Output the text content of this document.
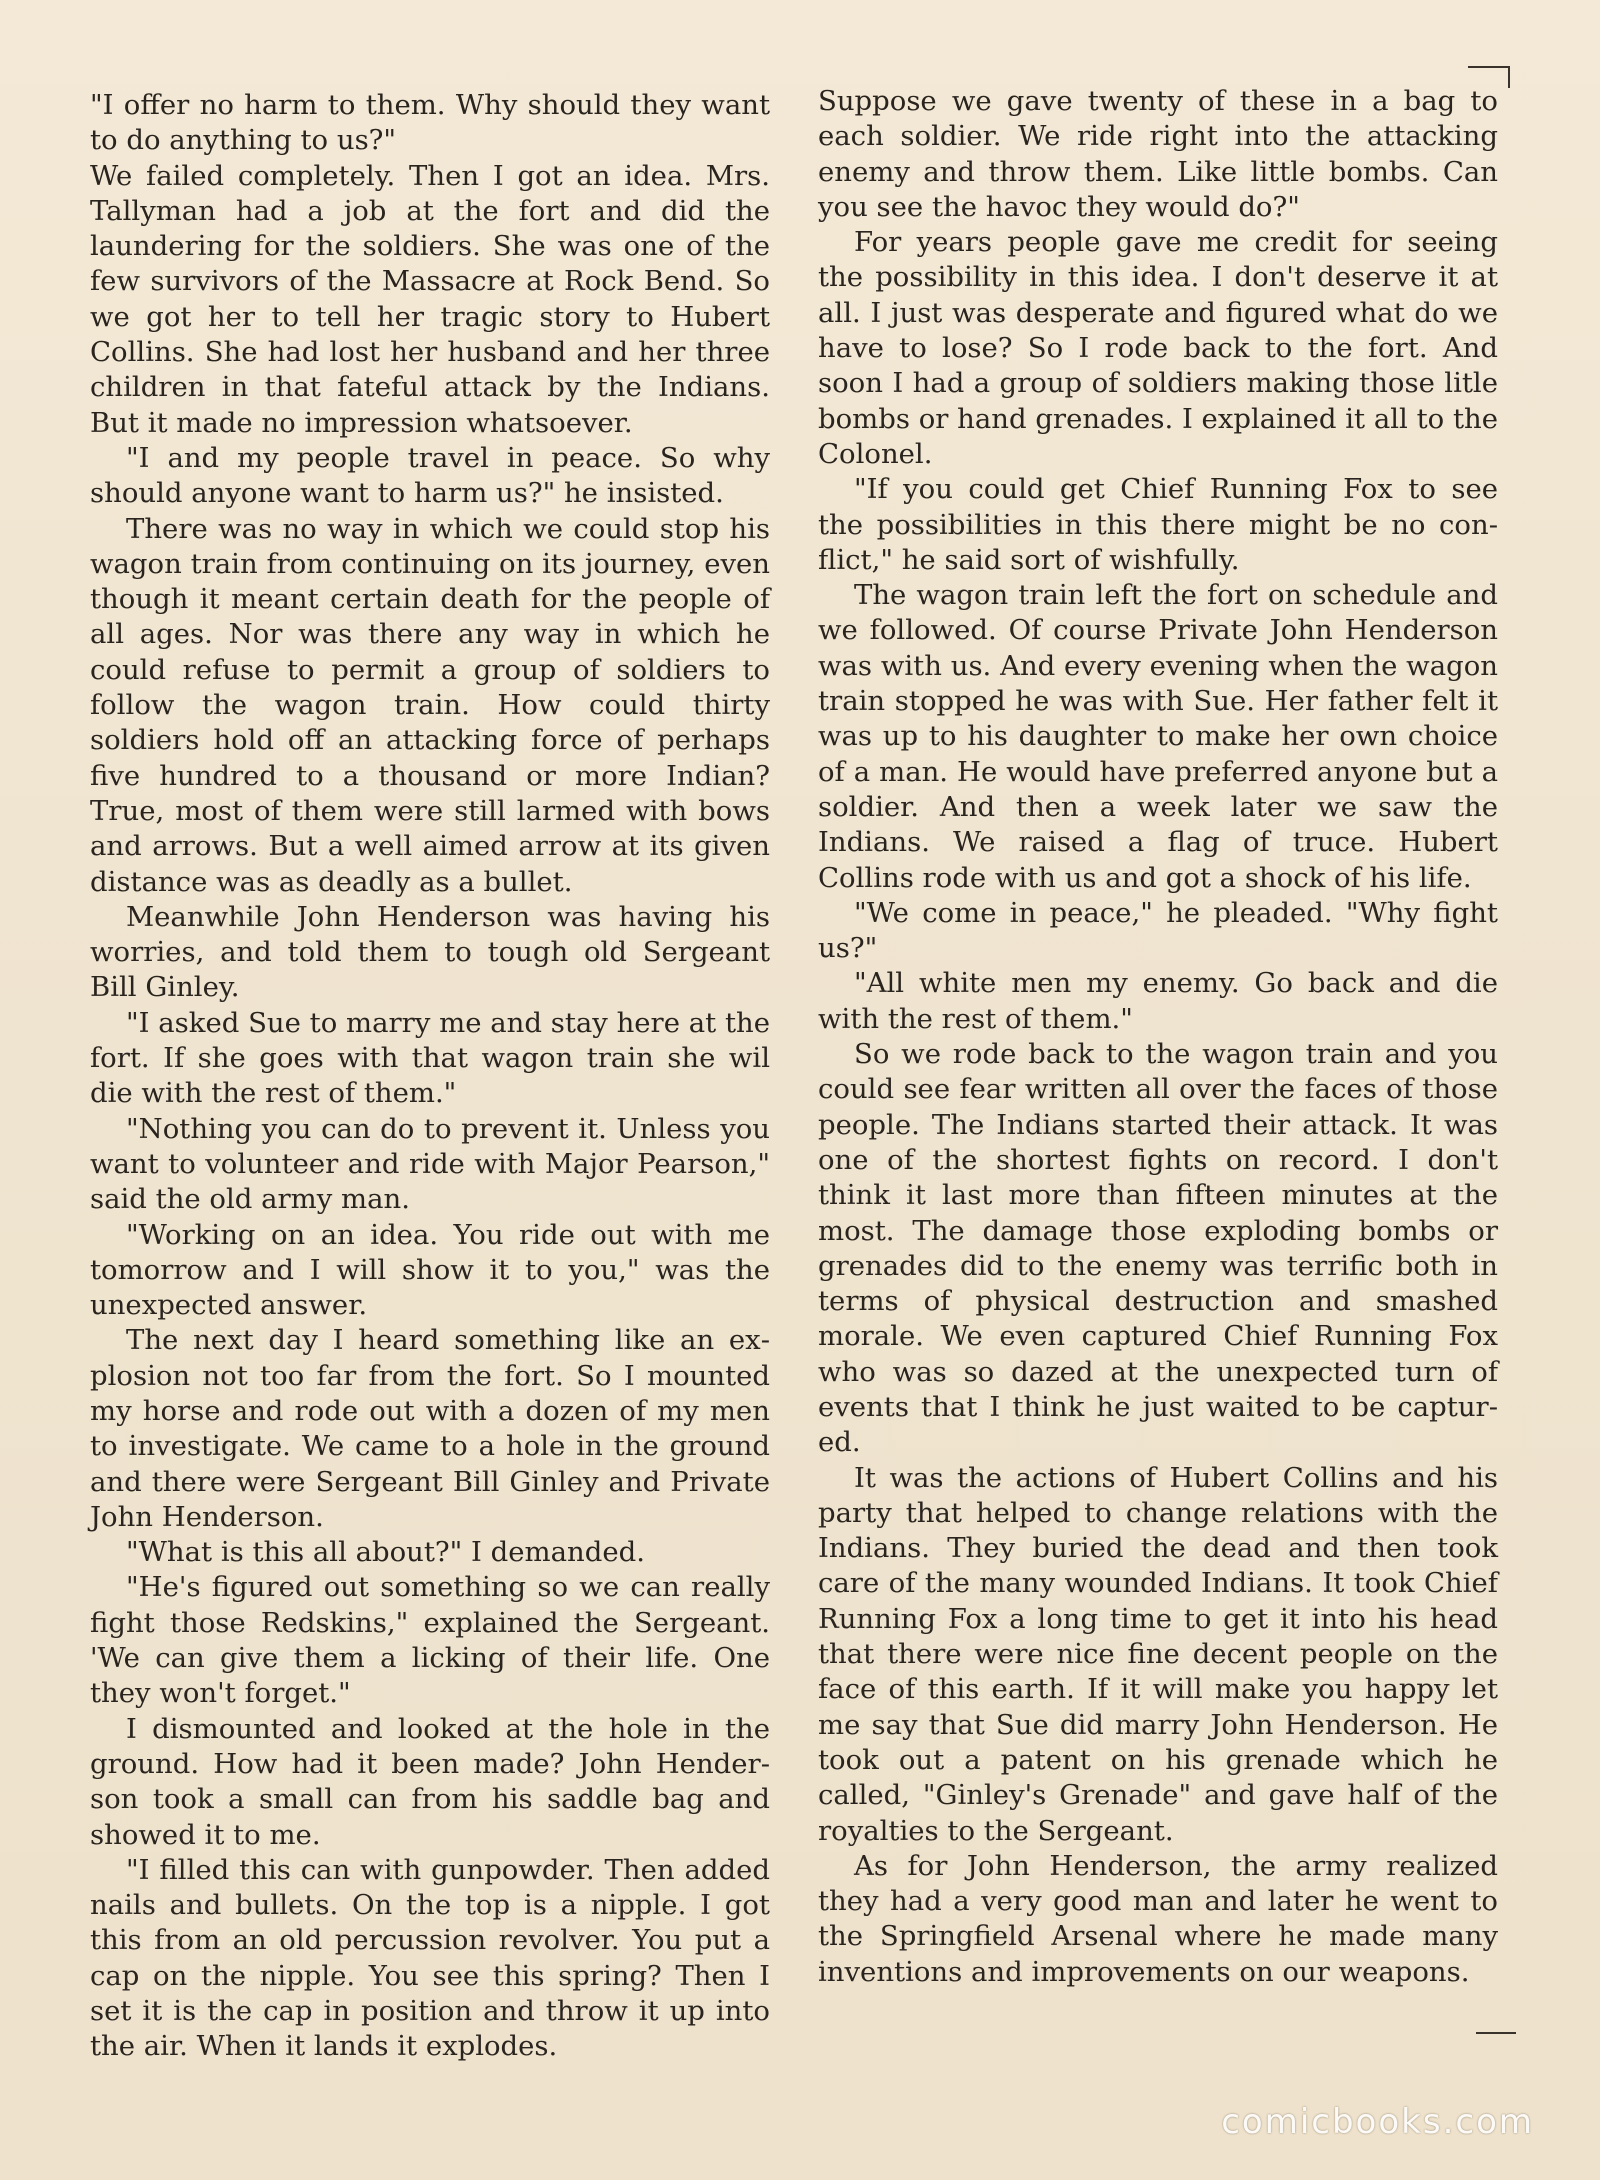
"I offer no harm to them. Why should they want to do anything to us?"

We failed completely. Then I got an idea. Mrs. Tallyman had a job at the fort and did the laundering for the soldiers. She was one of the few survivors of the Massacre at Rock Bend. So we got her to tell her tragic story to Hubert Collins. She had lost her husband and her three children in that fateful attack by the Indians. But it made no impression whatsoever.

"I and my people travel in peace. So why should anyone want to harm us?" he insisted.

There was no way in which we could stop his wagon train from continuing on its journey, even though it meant certain death for the people of all ages. Nor was there any way in which he could refuse to permit a group of soldiers to follow the wagon train. How could thirty soldiers hold off an attacking force of perhaps five hundred to a thousand or more Indian? True, most of them were still larmed with bows and arrows. But a well aimed arrow at its given distance was as deadly as a bullet.

Meanwhile John Henderson was having his worries, and told them to tough old Sergeant Bill Ginley.

"I asked Sue to marry me and stay here at the fort. If she goes with that wagon train she wil die with the rest of them."

"Nothing you can do to prevent it. Unless you want to volunteer and ride with Major Pearson," said the old army man.

"Working on an idea. You ride out with me tomorrow and I will show it to you," was the unexpected answer.

The next day I heard something like an explosion not too far from the fort. So I mounted my horse and rode out with a dozen of my men to investigate. We came to a hole in the ground and there were Sergeant Bill Ginley and Private John Henderson.

"What is this all about?" I demanded.

"He's figured out something so we can really fight those Redskins," explained the Sergeant. 'We can give them a licking of their life. One they won't forget."

I dismounted and looked at the hole in the ground. How had it been made? John Henderson took a small can from his saddle bag and showed it to me.

"I filled this can with gunpowder. Then added nails and bullets. On the top is a nipple. I got this from an old percussion revolver. You put a cap on the nipple. You see this spring? Then I set it is the cap in position and throw it up into the air. When it lands it explodes.

Suppose we gave twenty of these in a bag to each soldier. We ride right into the attacking enemy and throw them. Like little bombs. Can you see the havoc they would do?"

For years people gave me credit for seeing the possibility in this idea. I don't deserve it at all. I just was desperate and figured what do we have to lose? So I rode back to the fort. And soon I had a group of soldiers making those litle bombs or hand grenades. I explained it all to the Colonel.

"If you could get Chief Running Fox to see the possibilities in this there might be no conflict," he said sort of wishfully.

The wagon train left the fort on schedule and we followed. Of course Private John Henderson was with us. And every evening when the wagon train stopped he was with Sue. Her father felt it was up to his daughter to make her own choice of a man. He would have preferred anyone but a soldier. And then a week later we saw the Indians. We raised a flag of truce. Hubert Collins rode with us and got a shock of his life.

"We come in peace," he pleaded. "Why fight us?"

"All white men my enemy. Go back and die with the rest of them."

So we rode back to the wagon train and you could see fear written all over the faces of those people. The Indians started their attack. It was one of the shortest fights on record. I don't think it last more than fifteen minutes at the most. The damage those exploding bombs or grenades did to the enemy was terrific both in terms of physical destruction and smashed morale. We even captured Chief Running Fox who was so dazed at the unexpected turn of events that I think he just waited to be captured.

It was the actions of Hubert Collins and his party that helped to change relations with the Indians. They buried the dead and then took care of the many wounded Indians. It took Chief Running Fox a long time to get it into his head that there were nice fine decent people on the face of this earth. If it will make you happy let me say that Sue did marry John Henderson. He took out a patent on his grenade which he called, "Ginley's Grenade" and gave half of the royalties to the Sergeant.

As for John Henderson, the army realized they had a very good man and later he went to the Springfield Arsenal where he made many inventions and improvements on our weapons.

comicbooks.com
